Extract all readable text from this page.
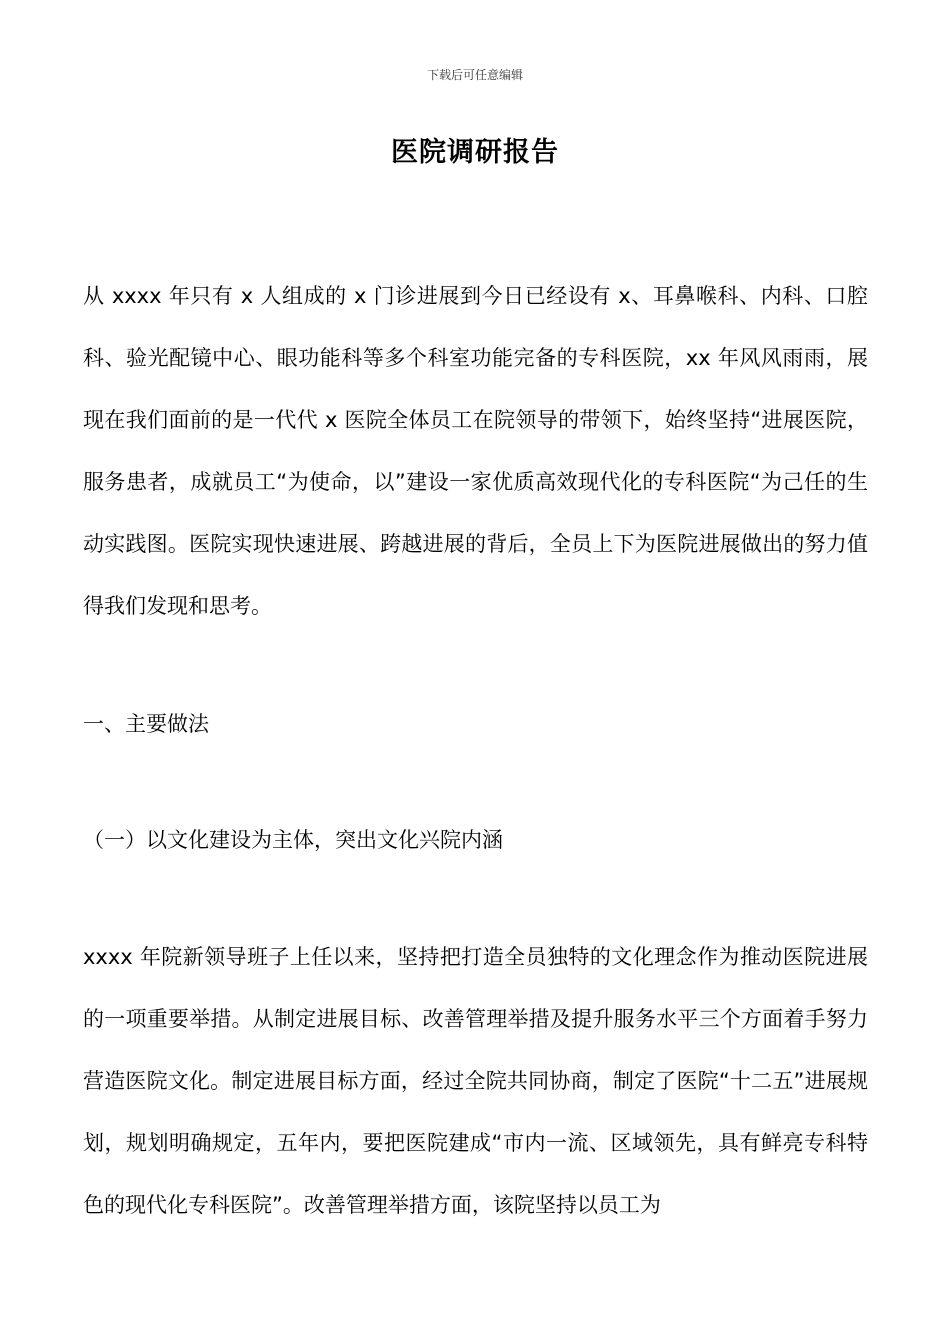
下载后可任意编辑
医院调研报告

从 xxxx 年只有 x 人组成的 x 门诊进展到今日已经设有 x、耳鼻喉科、内科、口腔科、验光配镜中心、眼功能科等多个科室功能完备的专科医院，xx 年风风雨雨，展现在我们面前的是一代代 x 医院全体员工在院领导的带领下，始终坚持“进展医院，服务患者，成就员工“为使命，以”建设一家优质高效现代化的专科医院“为己任的生动实践图。医院实现快速进展、跨越进展的背后，全员上下为医院进展做出的努力值得我们发现和思考。

一、主要做法

（一）以文化建设为主体，突出文化兴院内涵

xxxx 年院新领导班子上任以来，坚持把打造全员独特的文化理念作为推动医院进展的一项重要举措。从制定进展目标、改善管理举措及提升服务水平三个方面着手努力营造医院文化。制定进展目标方面，经过全院共同协商，制定了医院“十二五”进展规划，规划明确规定，五年内，要把医院建成“市内一流、区域领先，具有鲜亮专科特色的现代化专科医院”。改善管理举措方面，该院坚持以员工为
